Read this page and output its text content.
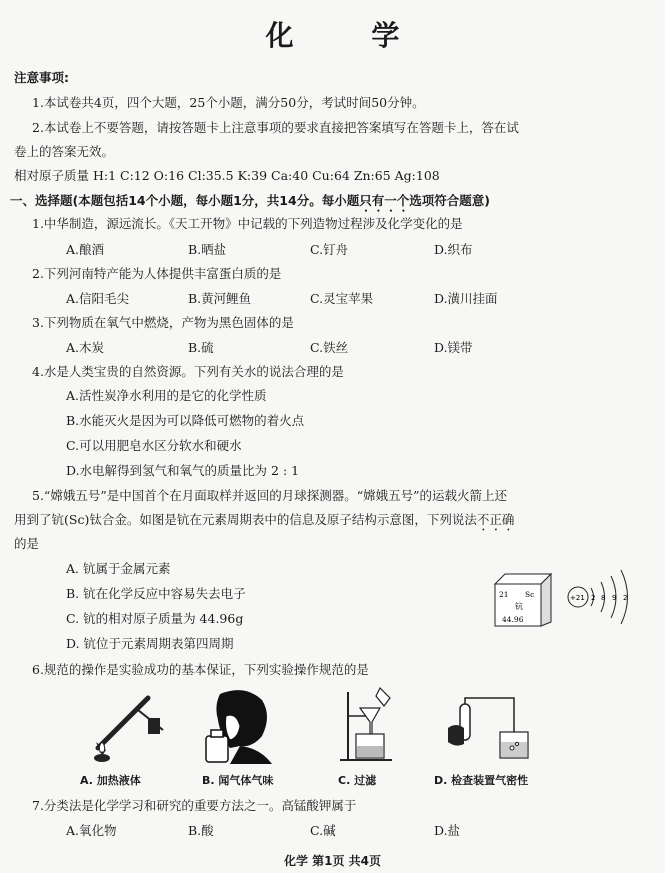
化 学
注意事项:
1.本试卷共4页，四个大题，25个小题，满分50分，考试时间50分钟。
2.本试卷上不要答题，请按答题卡上注意事项的要求直接把答案填写在答题卡上，答在试
卷上的答案无效。
相对原子质量 H:1 C:12 O:16 Cl:35.5 K:39 Ca:40 Cu:64 Zn:65 Ag:108
一、选择题(本题包括14个小题，每小题1分，共14分。每小题只有一个选项符合题意)
1.中华制造，源远流长。《天工开物》中记载的下列造物过程涉及化学变化的是
A.酿酒	B.晒盐	C.钉舟	D.织布
2.下列河南特产能为人体提供丰富蛋白质的是
A.信阳毛尖	B.黄河鲤鱼	C.灵宝苹果	D.潢川挂面
3.下列物质在氧气中燃烧，产物为黑色固体的是
A.木炭	B.硫	C.铁丝	D.镁带
4.水是人类宝贵的自然资源。下列有关水的说法合理的是
A.活性炭净水利用的是它的化学性质
B.水能灭火是因为可以降低可燃物的着火点
C.可以用肥皂水区分软水和硬水
D.水电解得到氢气和氧气的质量比为 2 : 1
5.“嫦娥五号”是中国首个在月面取样并返回的月球探测器。“嫦娥五号”的运载火箭上还
用到了钪(Sc)钛合金。如图是钪在元素周期表中的信息及原子结构示意图，下列说法不正确
的是
A. 钪属于金属元素
B. 钪在化学反应中容易失去电子
C. 钪的相对原子质量为 44.96g
D. 钪位于元素周期表第四周期
21 Sc
钪
44.96
+21 2 8 9 2
6.规范的操作是实验成功的基本保证，下列实验操作规范的是
A. 加热液体	B. 闻气体气味	C. 过滤	D. 检查装置气密性
7.分类法是化学学习和研究的重要方法之一。高锰酸钾属于
A.氧化物	B.酸	C.碱	D.盐
化学 第1页 共4页
